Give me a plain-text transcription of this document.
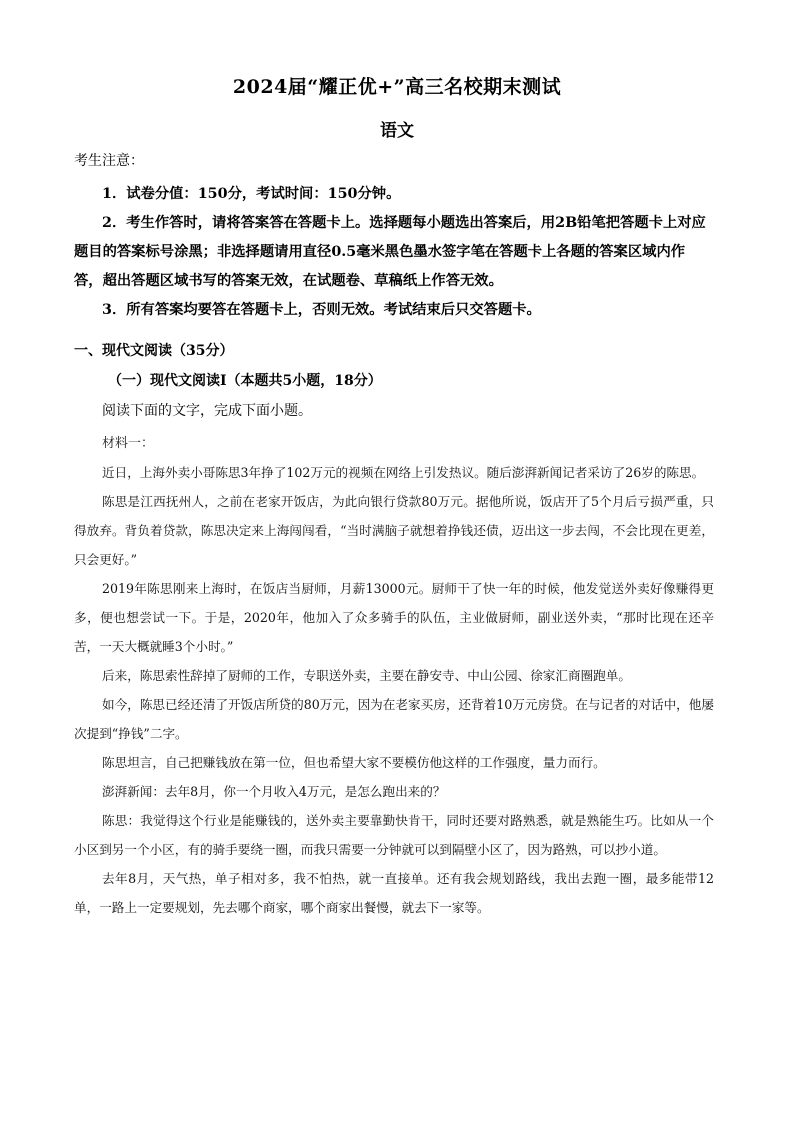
2024届“耀正优+”高三名校期末测试
语文
考生注意：

1．试卷分值：150分，考试时间：150分钟。

2．考生作答时，请将答案答在答题卡上。选择题每小题选出答案后，用2B铅笔把答题卡上对应题目的答案标号涂黑；非选择题请用直径0.5毫米黑色墨水签字笔在答题卡上各题的答案区域内作答，超出答题区域书写的答案无效，在试题卷、草稿纸上作答无效。

3．所有答案均要答在答题卡上，否则无效。考试结束后只交答题卡。

一、现代文阅读（35分）
（一）现代文阅读Ⅰ（本题共5小题，18分）
阅读下面的文字，完成下面小题。
材料一：

近日，上海外卖小哥陈思3年挣了102万元的视频在网络上引发热议。随后澎湃新闻记者采访了26岁的陈思。

陈思是江西抚州人，之前在老家开饭店，为此向银行贷款80万元。据他所说，饭店开了5个月后亏损严重，只得放弃。背负着贷款，陈思决定来上海闯闯看，“当时满脑子就想着挣钱还债，迈出这一步去闯，不会比现在更差，只会更好。”

2019年陈思刚来上海时，在饭店当厨师，月薪13000元。厨师干了快一年的时候，他发觉送外卖好像赚得更多，便也想尝试一下。于是，2020年，他加入了众多骑手的队伍，主业做厨师，副业送外卖，“那时比现在还辛苦，一天大概就睡3个小时。”

后来，陈思索性辞掉了厨师的工作，专职送外卖，主要在静安寺、中山公园、徐家汇商圈跑单。

如今，陈思已经还清了开饭店所贷的80万元，因为在老家买房，还背着10万元房贷。在与记者的对话中，他屡次提到“挣钱”二字。

陈思坦言，自己把赚钱放在第一位，但也希望大家不要模仿他这样的工作强度，量力而行。

澎湃新闻：去年8月，你一个月收入4万元，是怎么跑出来的？

陈思：我觉得这个行业是能赚钱的，送外卖主要靠勤快肯干，同时还要对路熟悉，就是熟能生巧。比如从一个小区到另一个小区，有的骑手要绕一圈，而我只需要一分钟就可以到隔壁小区了，因为路熟，可以抄小道。

去年8月，天气热，单子相对多，我不怕热，就一直接单。还有我会规划路线，我出去跑一圈，最多能带12单，一路上一定要规划，先去哪个商家，哪个商家出餐慢，就去下一家等。
